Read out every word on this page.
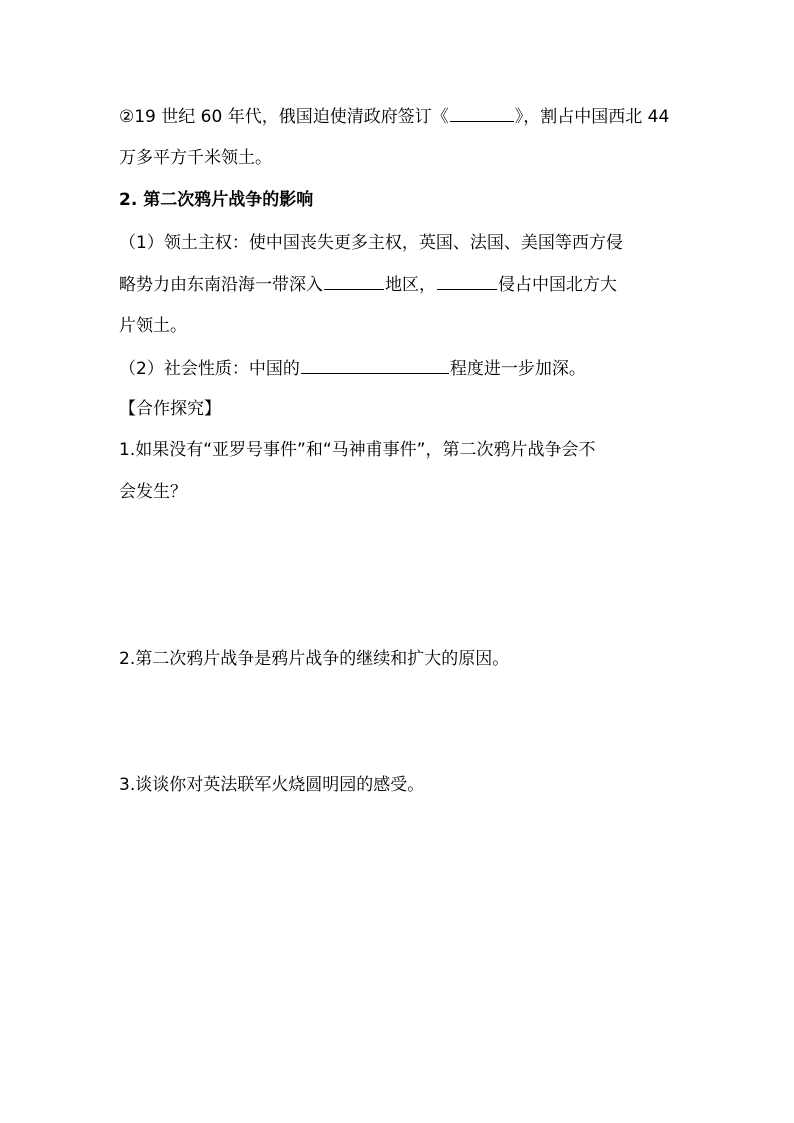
②19 世纪 60 年代，俄国迫使清政府签订《	》，割占中国西北 44
万多平方千米领土。
2. 第二次鸦片战争的影响
（1）领土主权：使中国丧失更多主权，英国、法国、美国等西方侵
略势力由东南沿海一带深入	地区，	侵占中国北方大
片领土。
（2）社会性质：中国的	程度进一步加深。
【合作探究】
1.如果没有“亚罗号事件”和“马神甫事件”，第二次鸦片战争会不
会发生？
2.第二次鸦片战争是鸦片战争的继续和扩大的原因。
3.谈谈你对英法联军火烧圆明园的感受。
